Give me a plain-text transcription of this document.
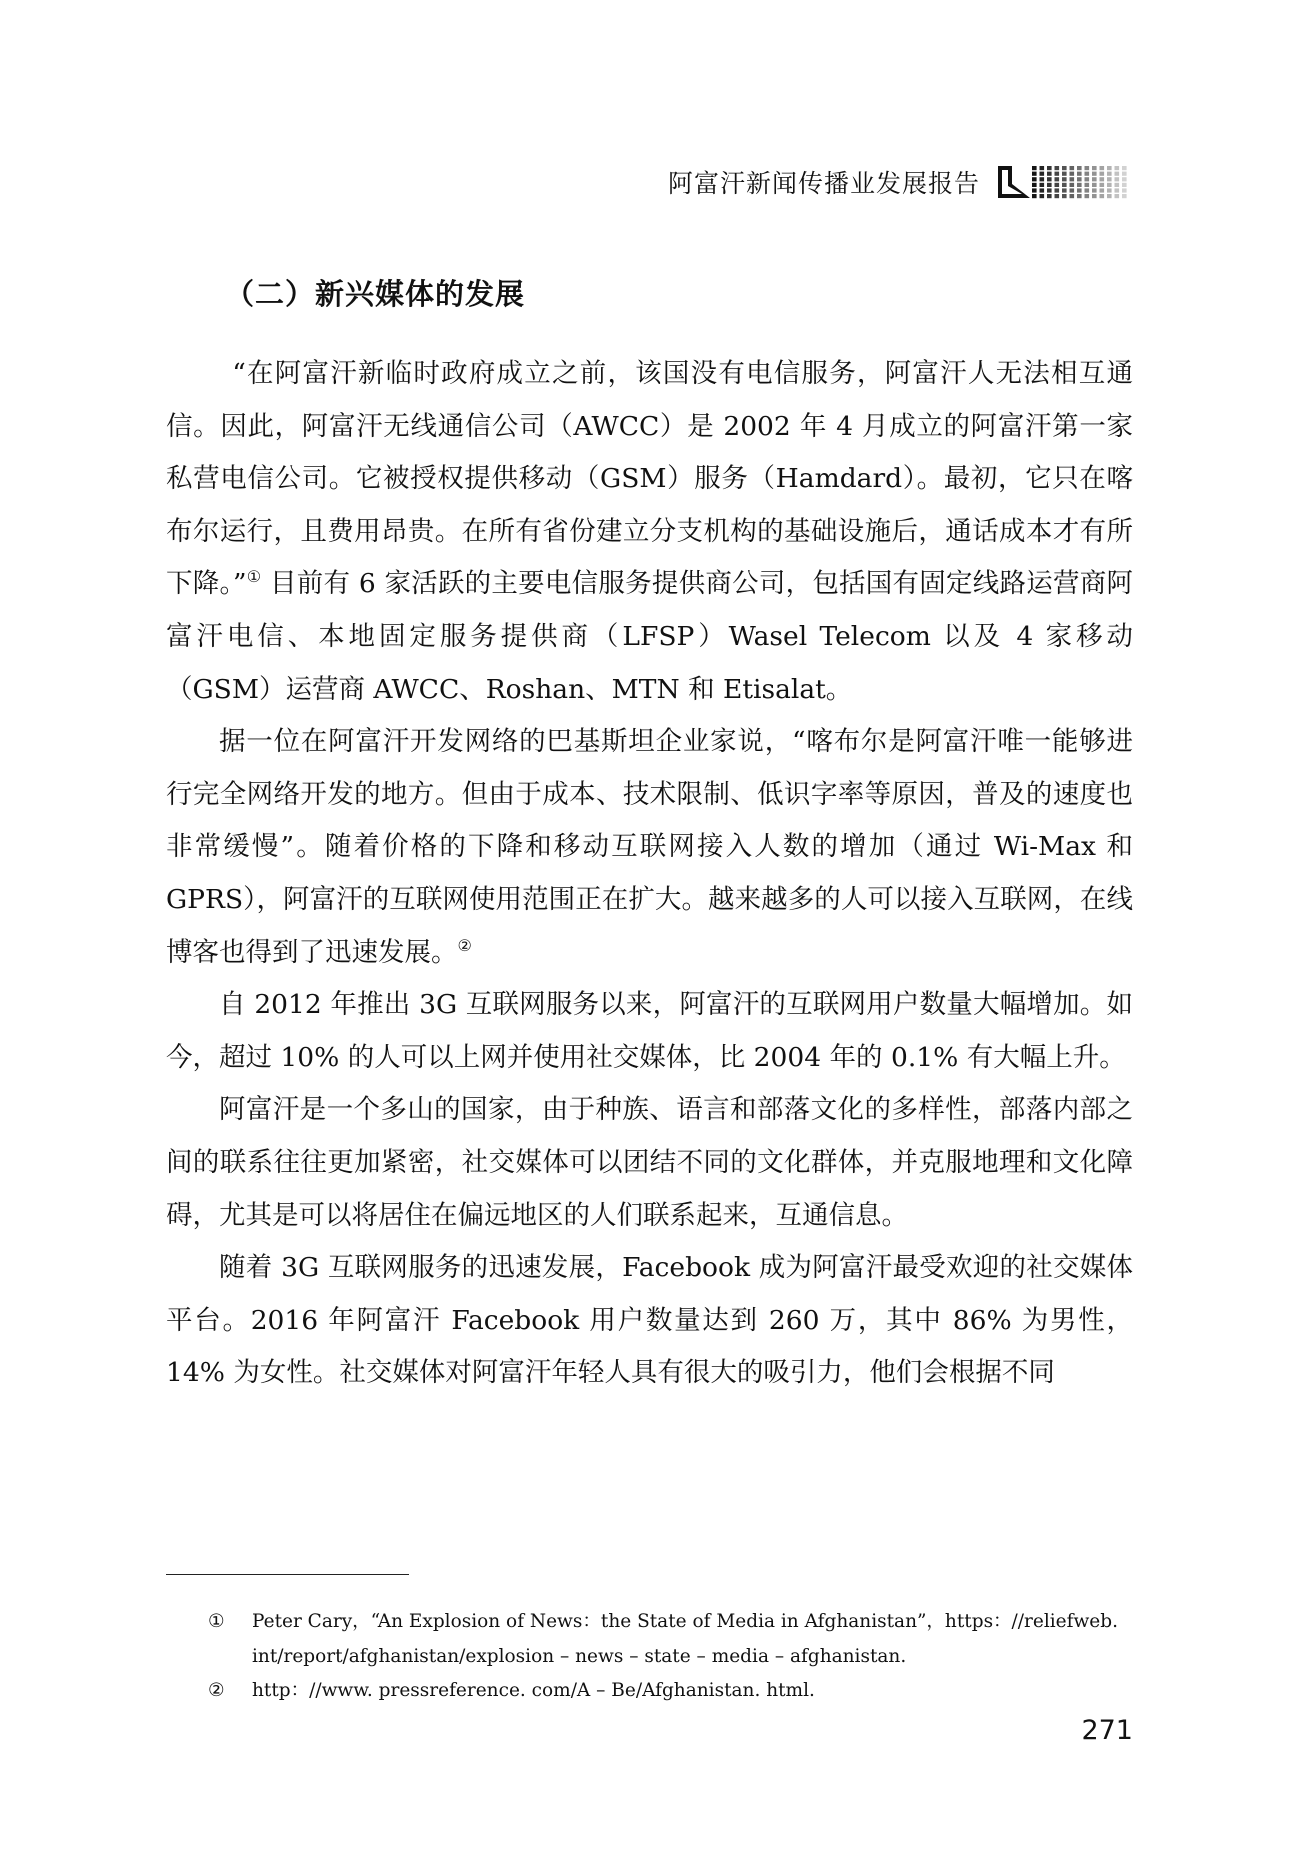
阿富汗新闻传播业发展报告
（二）新兴媒体的发展

“在阿富汗新临时政府成立之前，该国没有电信服务，阿富汗人无法相互通信。因此，阿富汗无线通信公司（AWCC）是 2002 年 4 月成立的阿富汗第一家私营电信公司。它被授权提供移动（GSM）服务（Hamdard）。最初，它只在喀布尔运行，且费用昂贵。在所有省份建立分支机构的基础设施后，通话成本才有所下降。”① 目前有 6 家活跃的主要电信服务提供商公司，包括国有固定线路运营商阿富汗电信、本地固定服务提供商（LFSP）Wasel Telecom 以及 4 家移动（GSM）运营商 AWCC、Roshan、MTN 和 Etisalat。

据一位在阿富汗开发网络的巴基斯坦企业家说，“喀布尔是阿富汗唯一能够进行完全网络开发的地方。但由于成本、技术限制、低识字率等原因，普及的速度也非常缓慢”。随着价格的下降和移动互联网接入人数的增加（通过 Wi-Max 和 GPRS），阿富汗的互联网使用范围正在扩大。越来越多的人可以接入互联网，在线博客也得到了迅速发展。②

自 2012 年推出 3G 互联网服务以来，阿富汗的互联网用户数量大幅增加。如今，超过 10% 的人可以上网并使用社交媒体，比 2004 年的 0.1% 有大幅上升。

阿富汗是一个多山的国家，由于种族、语言和部落文化的多样性，部落内部之间的联系往往更加紧密，社交媒体可以团结不同的文化群体，并克服地理和文化障碍，尤其是可以将居住在偏远地区的人们联系起来，互通信息。

随着 3G 互联网服务的迅速发展，Facebook 成为阿富汗最受欢迎的社交媒体平台。2016 年阿富汗 Facebook 用户数量达到 260 万，其中 86% 为男性，14% 为女性。社交媒体对阿富汗年轻人具有很大的吸引力，他们会根据不同

①	Peter Cary，“An Explosion of News：the State of Media in Afghanistan”，https：//reliefweb. int/report/afghanistan/explosion – news – state – media – afghanistan.
②	http：//www. pressreference. com/A – Be/Afghanistan. html.
271
